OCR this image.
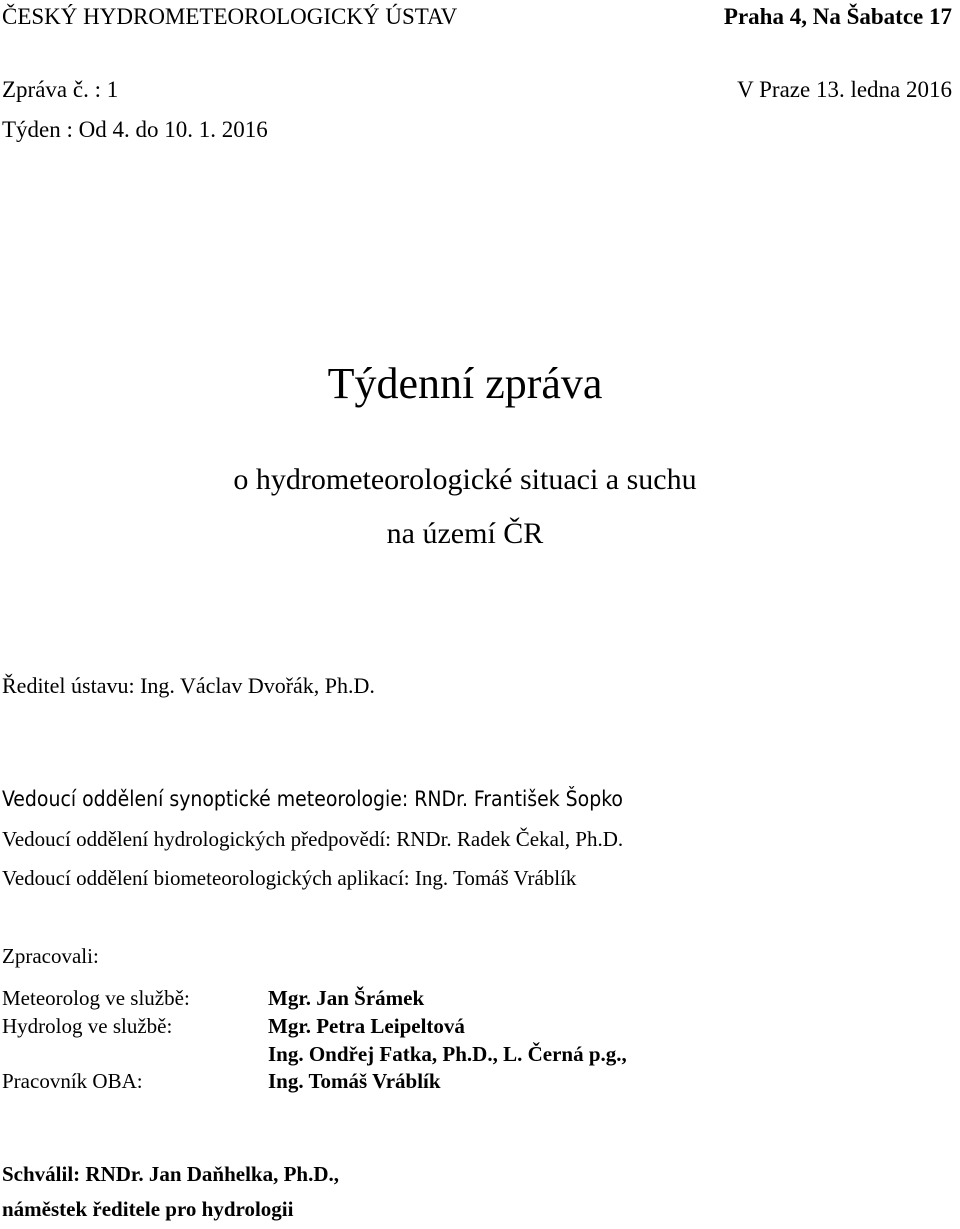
ČESKÝ HYDROMETEOROLOGICKÝ ÚSTAV	Praha 4, Na Šabatce 17
Zpráva č. : 1	V Praze 13. ledna 2016
Týden : Od 4. do 10. 1. 2016
Týdenní zpráva
o hydrometeorologické situaci a suchu
na území ČR
Ředitel ústavu: Ing. Václav Dvořák, Ph.D.
Vedoucí oddělení synoptické meteorologie: RNDr. František Šopko
Vedoucí oddělení hydrologických předpovědí: RNDr. Radek Čekal, Ph.D.
Vedoucí oddělení biometeorologických aplikací: Ing. Tomáš Vráblík
Zpracovali:
Meteorolog ve službě:	Mgr. Jan Šrámek
Hydrolog ve službě:	Mgr. Petra Leipeltová
Ing. Ondřej Fatka, Ph.D., L. Černá p.g.,
Pracovník OBA:	Ing. Tomáš Vráblík
Schválil: RNDr. Jan Daňhelka, Ph.D.,
náměstek ředitele pro hydrologii
